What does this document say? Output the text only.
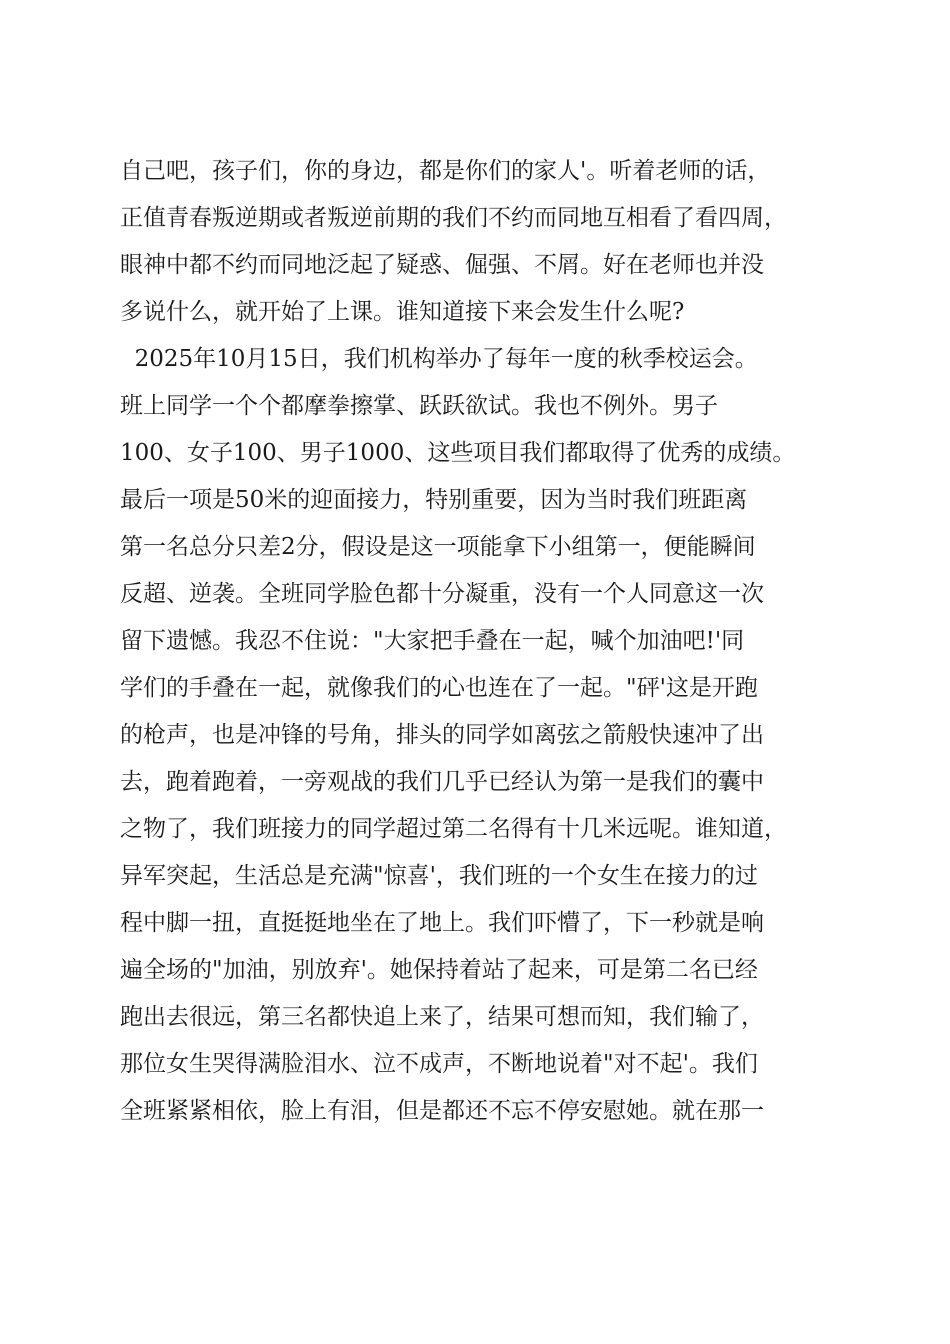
自己吧，孩子们，你的身边，都是你们的家人'。听着老师的话，
正值青春叛逆期或者叛逆前期的我们不约而同地互相看了看四周，
眼神中都不约而同地泛起了疑惑、倔强、不屑。好在老师也并没
多说什么，就开始了上课。谁知道接下来会发生什么呢?
2025年10月15日，我们机构举办了每年一度的秋季校运会。
班上同学一个个都摩拳擦掌、跃跃欲试。我也不例外。男子
100、女子100、男子1000、这些项目我们都取得了优秀的成绩。
最后一项是50米的迎面接力，特别重要，因为当时我们班距离
第一名总分只差2分，假设是这一项能拿下小组第一，便能瞬间
反超、逆袭。全班同学脸色都十分凝重，没有一个人同意这一次
留下遗憾。我忍不住说："大家把手叠在一起，喊个加油吧!'同
学们的手叠在一起，就像我们的心也连在了一起。"砰'这是开跑
的枪声，也是冲锋的号角，排头的同学如离弦之箭般快速冲了出
去，跑着跑着，一旁观战的我们几乎已经认为第一是我们的囊中
之物了，我们班接力的同学超过第二名得有十几米远呢。谁知道，
异军突起，生活总是充满"惊喜'，我们班的一个女生在接力的过
程中脚一扭，直挺挺地坐在了地上。我们吓懵了，下一秒就是响
遍全场的"加油，别放弃'。她保持着站了起来，可是第二名已经
跑出去很远，第三名都快追上来了，结果可想而知，我们输了，
那位女生哭得满脸泪水、泣不成声，不断地说着"对不起'。我们
全班紧紧相依，脸上有泪，但是都还不忘不停安慰她。就在那一
